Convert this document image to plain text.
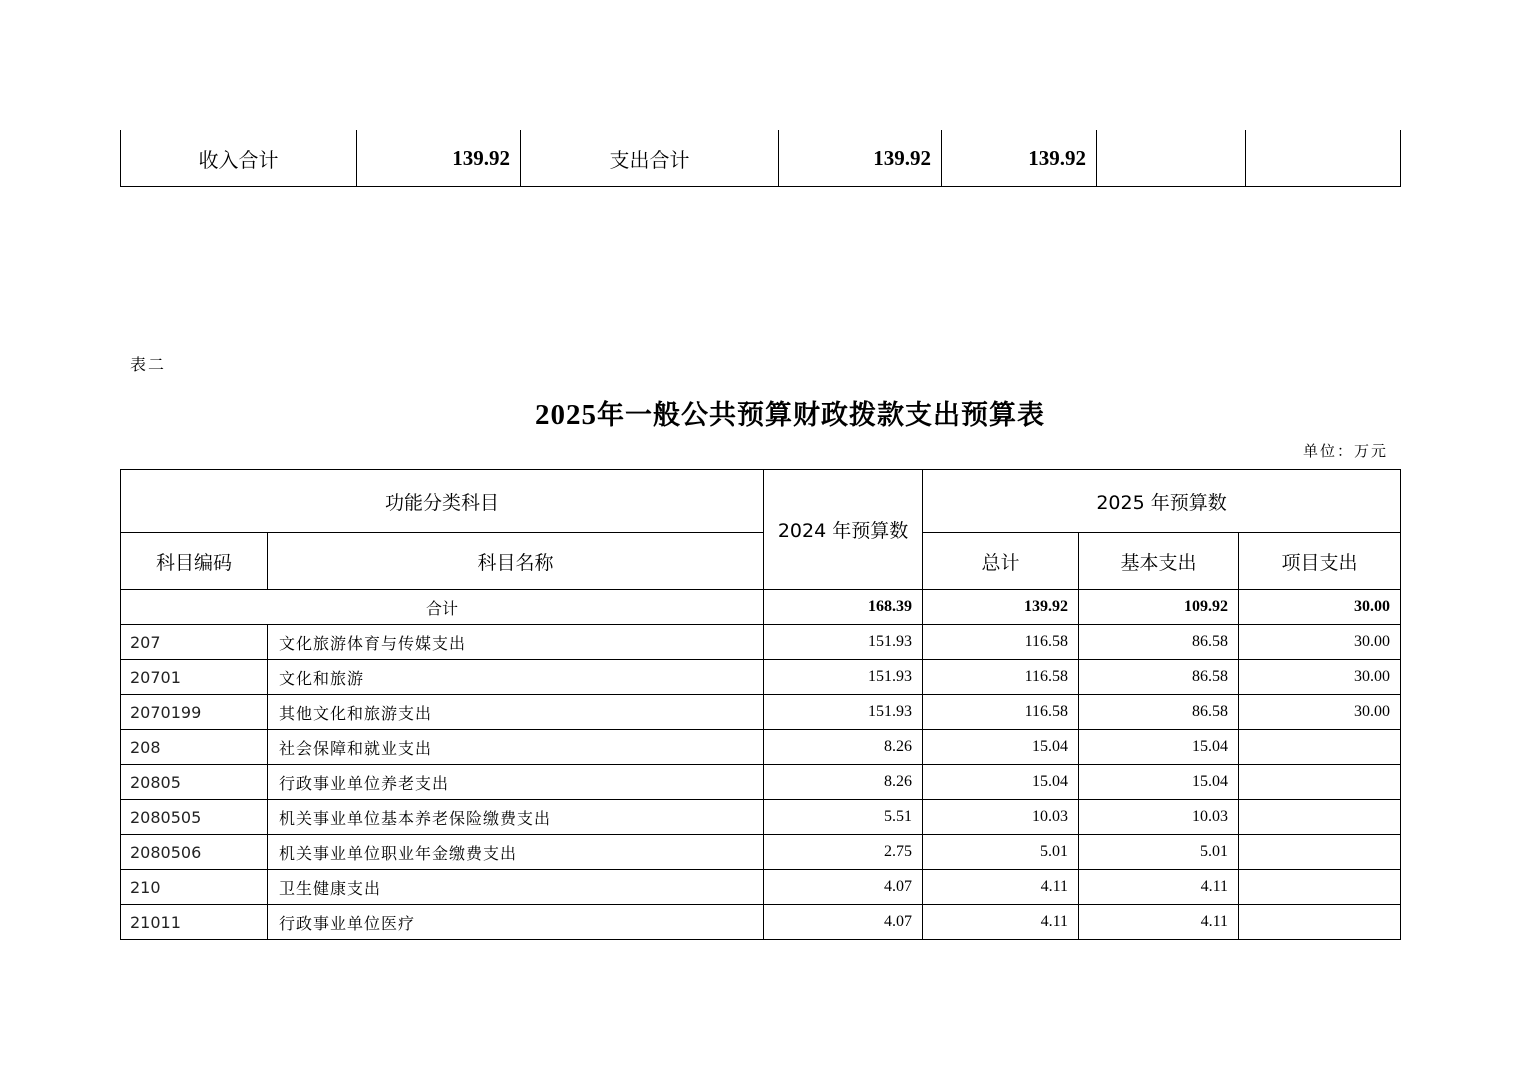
收入合计	139.92	支出合计	139.92	139.92		
表二
2025年一般公共预算财政拨款支出预算表
单位：万元
功能分类科目		2024 年预算数	2025 年预算数		
科目编码	科目名称		总计	基本支出	项目支出
合计		168.39	139.92	109.92	30.00
207	文化旅游体育与传媒支出	151.93	116.58	86.58	30.00
20701	文化和旅游	151.93	116.58	86.58	30.00
2070199	其他文化和旅游支出	151.93	116.58	86.58	30.00
208	社会保障和就业支出	8.26	15.04	15.04	
20805	行政事业单位养老支出	8.26	15.04	15.04	
2080505	机关事业单位基本养老保险缴费支出	5.51	10.03	10.03	
2080506	机关事业单位职业年金缴费支出	2.75	5.01	5.01	
210	卫生健康支出	4.07	4.11	4.11	
21011	行政事业单位医疗	4.07	4.11	4.11	
